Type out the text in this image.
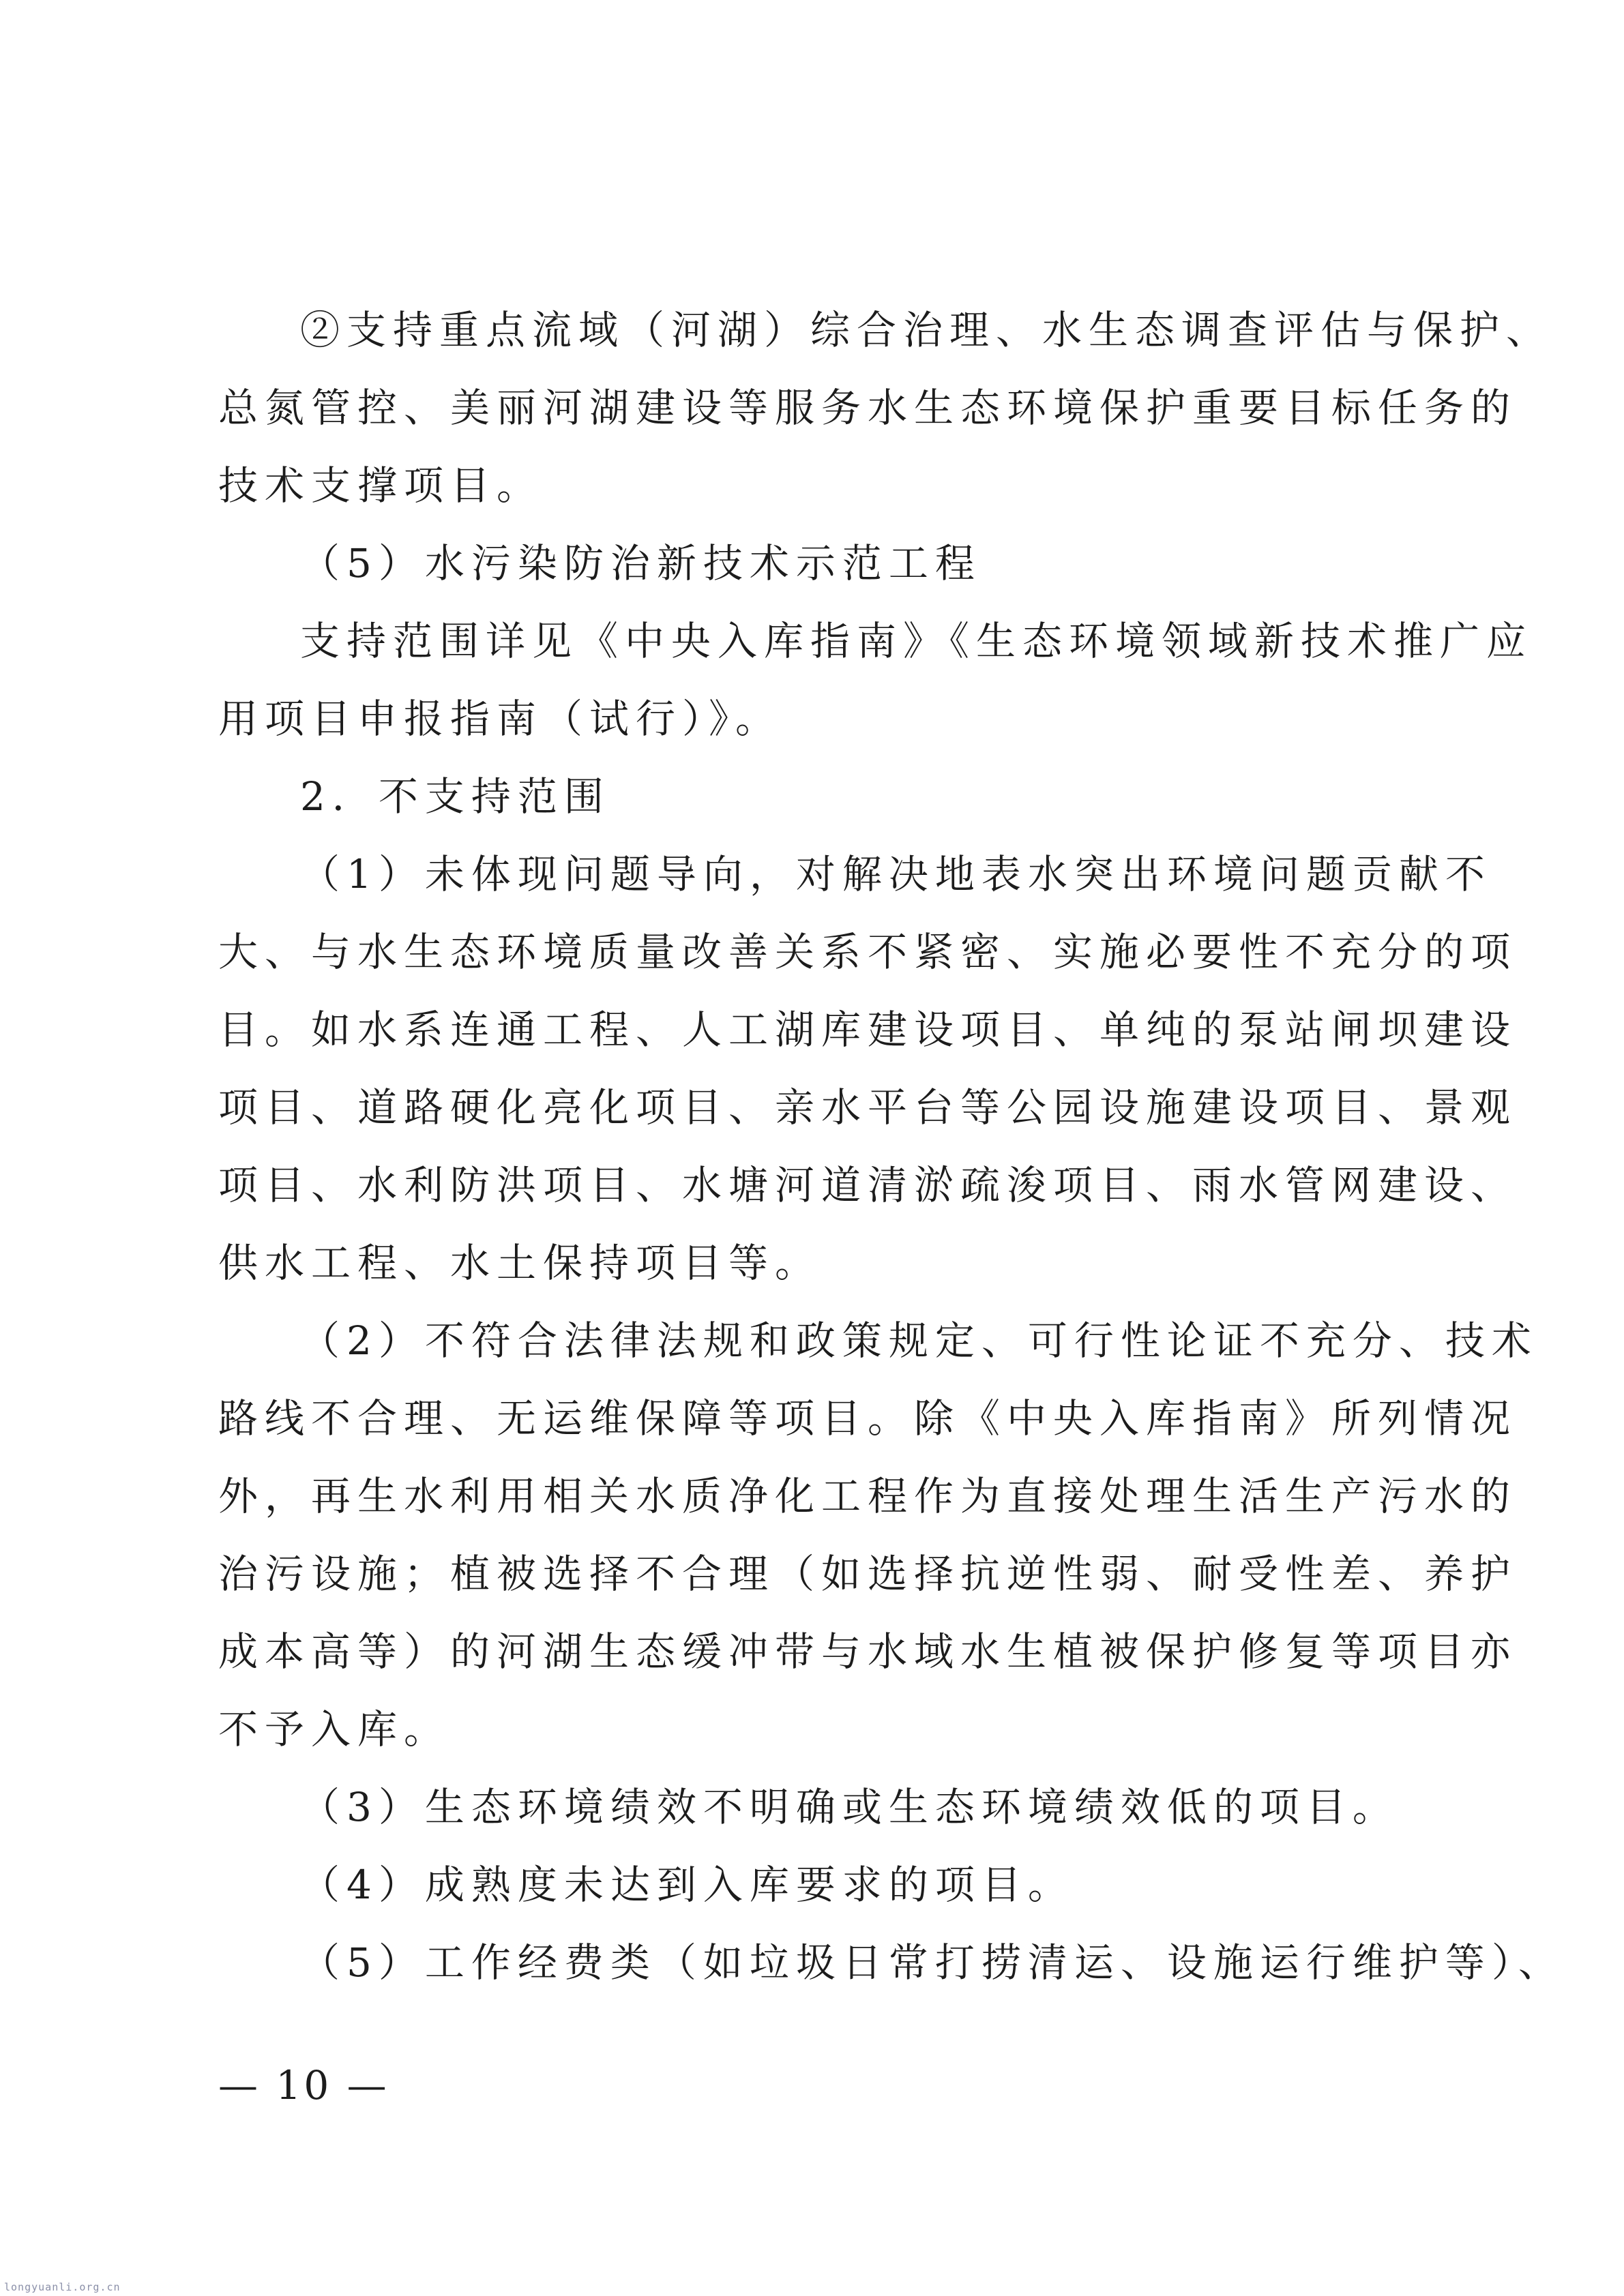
②支持重点流域（河湖）综合治理、水生态调查评估与保护、
总氮管控、美丽河湖建设等服务水生态环境保护重要目标任务的
技术支撑项目。
（5）水污染防治新技术示范工程
支持范围详见《中央入库指南》《生态环境领域新技术推广应
用项目申报指南（试行）》。
2．不支持范围
（1）未体现问题导向，对解决地表水突出环境问题贡献不
大、与水生态环境质量改善关系不紧密、实施必要性不充分的项
目。如水系连通工程、人工湖库建设项目、单纯的泵站闸坝建设
项目、道路硬化亮化项目、亲水平台等公园设施建设项目、景观
项目、水利防洪项目、水塘河道清淤疏浚项目、雨水管网建设、
供水工程、水土保持项目等。
（2）不符合法律法规和政策规定、可行性论证不充分、技术
路线不合理、无运维保障等项目。除《中央入库指南》所列情况
外，再生水利用相关水质净化工程作为直接处理生活生产污水的
治污设施；植被选择不合理（如选择抗逆性弱、耐受性差、养护
成本高等）的河湖生态缓冲带与水域水生植被保护修复等项目亦
不予入库。
（3）生态环境绩效不明确或生态环境绩效低的项目。
（4）成熟度未达到入库要求的项目。
（5）工作经费类（如垃圾日常打捞清运、设施运行维护等）、
— 10 —
longyuanli.org.cn
